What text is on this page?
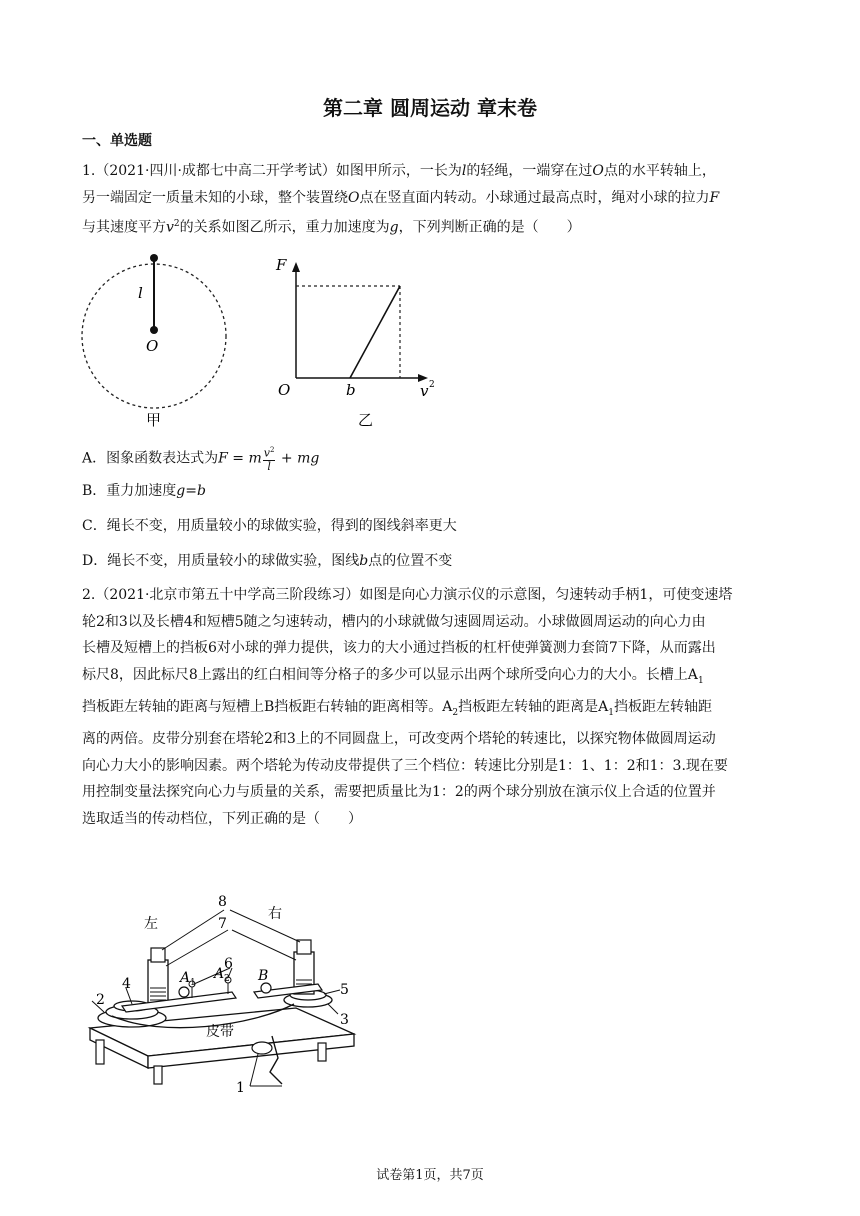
第二章 圆周运动 章末卷
一、单选题
1.（2021·四川·成都七中高二开学考试）如图甲所示，一长为l的轻绳，一端穿在过O点的水平转轴上，
另一端固定一质量未知的小球，整个装置绕O点在竖直面内转动。小球通过最高点时，绳对小球的拉力F
与其速度平方$v^2$的关系如图乙所示，重力加速度为g，下列判断正确的是（　　）
l
O
甲
F
O	b	v 2
乙
A．图象函数表达式为F = m $\frac{v^2}{l}$ + mg
B．重力加速度g=b
C．绳长不变，用质量较小的球做实验，得到的图线斜率更大
D．绳长不变，用质量较小的球做实验，图线b点的位置不变
2.（2021·北京市第五十中学高三阶段练习）如图是向心力演示仪的示意图，匀速转动手柄1，可使变速塔
轮2和3以及长槽4和短槽5随之匀速转动，槽内的小球就做匀速圆周运动。小球做圆周运动的向心力由
长槽及短槽上的挡板6对小球的弹力提供，该力的大小通过挡板的杠杆使弹簧测力套筒7下降，从而露出
标尺8，因此标尺8上露出的红白相间等分格子的多少可以显示出两个球所受向心力的大小。长槽上$A_1$
挡板距左转轴的距离与短槽上B挡板距右转轴的距离相等。$A_2$挡板距左转轴的距离是$A_1$挡板距左转轴距
离的两倍。皮带分别套在塔轮2和3上的不同圆盘上，可改变两个塔轮的转速比，以探究物体做圆周运动
向心力大小的影响因素。两个塔轮为传动皮带提供了三个档位：转速比分别是1：1、1：2和1：3.现在要
用控制变量法探究向心力与质量的关系，需要把质量比为1：2的两个球分别放在演示仪上合适的位置并
选取适当的传动档位，下列正确的是（　　）
8
7
6
左
右
A 1
A 2 B
4
2
5
3
皮带
1
试卷第1页，共7页
